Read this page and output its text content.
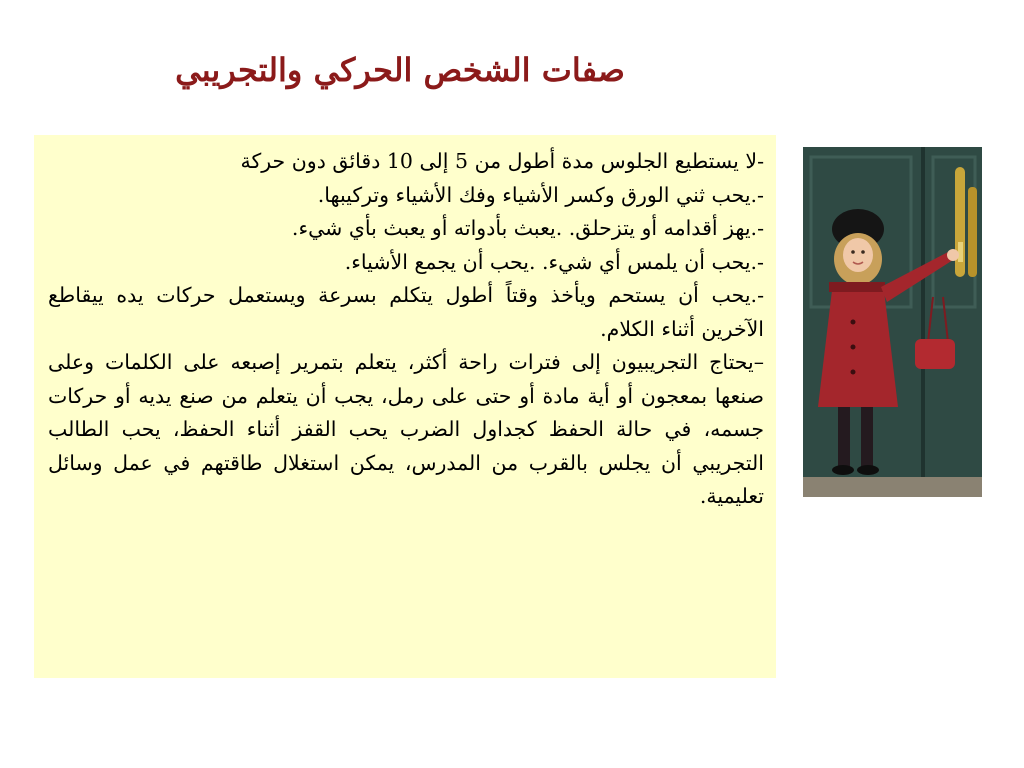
صفات الشخص الحركي والتجريبي

-لا يستطيع الجلوس مدة أطول من 5 إلى 10 دقائق دون حركة

-.يحب ثني الورق وكسر الأشياء وفك الأشياء وتركيبها.

-.يهز أقدامه أو يتزحلق. .يعبث بأدواته أو يعبث بأي شيء.

-.يحب أن يلمس أي شيء. .يحب أن يجمع الأشياء.

-.يحب أن يستحم ويأخذ وقتاً أطول يتكلم بسرعة ويستعمل حركات يده ييقاطع الآخرين أثناء الكلام.

–يحتاج التجريبيون إلى فترات راحة أكثر، يتعلم بتمرير إصبعه على الكلمات وعلى صنعها بمعجون أو أية مادة أو حتى على رمل، يجب أن يتعلم من صنع يديه أو حركات جسمه، في حالة الحفظ كجداول الضرب يحب القفز أثناء الحفظ، يحب الطالب التجريبي أن يجلس بالقرب من المدرس، يمكن استغلال طاقتهم في عمل وسائل تعليمية.
